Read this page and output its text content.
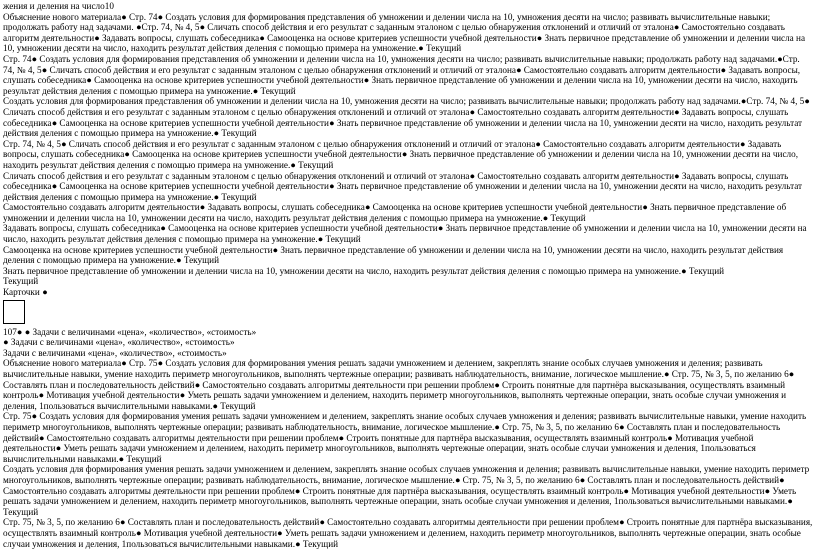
жения и деления на число10

Объяснение нового материала● Стр. 74● Создать условия для формирования представления об умножении и делении числа на 10, умножения десяти на число; развивать вычислительные навыки; продолжать работу над задачами. ●Стр. 74, № 4, 5● Сличать способ действия и его результат с заданным эталоном с целью обнаружения отклонений и отличий от эталона● Самостоятельно создавать алгоритм деятельности● Задавать вопросы, слушать собеседника● Самооценка на основе критериев успешности учебной деятельности● Знать первичное представление об умножении и делении числа на 10, умножении десяти на число, находить результат действия деления с помощью примера на умножение.● Текущий

Стр. 74● Создать условия для формирования представления об умножении и делении числа на 10, умножения десяти на число; развивать вычислительные навыки; продолжать работу над задачами.●Стр. 74, № 4, 5● Сличать способ действия и его результат с заданным эталоном с целью обнаружения отклонений и отличий от эталона● Самостоятельно создавать алгоритм деятельности● Задавать вопросы, слушать собеседника● Самооценка на основе критериев успешности учебной деятельности● Знать первичное представление об умножении и делении числа на 10, умножении десяти на число, находить результат действия деления с помощью примера на умножение.● Текущий

Создать условия для формирования представления об умножении и делении числа на 10, умножения десяти на число; развивать вычислительные навыки; продолжать работу над задачами.●Стр. 74, № 4, 5● Сличать способ действия и его результат с заданным эталоном с целью обнаружения отклонений и отличий от эталона● Самостоятельно создавать алгоритм деятельности● Задавать вопросы, слушать собеседника● Самооценка на основе критериев успешности учебной деятельности● Знать первичное представление об умножении и делении числа на 10, умножении десяти на число, находить результат действия деления с помощью примера на умножение.● Текущий

Стр. 74, № 4, 5● Сличать способ действия и его результат с заданным эталоном с целью обнаружения отклонений и отличий от эталона● Самостоятельно создавать алгоритм деятельности● Задавать вопросы, слушать собеседника● Самооценка на основе критериев успешности учебной деятельности● Знать первичное представление об умножении и делении числа на 10, умножении десяти на число, находить результат действия деления с помощью примера на умножение.● Текущий

Сличать способ действия и его результат с заданным эталоном с целью обнаружения отклонений и отличий от эталона● Самостоятельно создавать алгоритм деятельности● Задавать вопросы, слушать собеседника● Самооценка на основе критериев успешности учебной деятельности● Знать первичное представление об умножении и делении числа на 10, умножении десяти на число, находить результат действия деления с помощью примера на умножение.● Текущий

Самостоятельно создавать алгоритм деятельности● Задавать вопросы, слушать собеседника● Самооценка на основе критериев успешности учебной деятельности● Знать первичное представление об умножении и делении числа на 10, умножении десяти на число, находить результат действия деления с помощью примера на умножение.● Текущий

Задавать вопросы, слушать собеседника● Самооценка на основе критериев успешности учебной деятельности● Знать первичное представление об умножении и делении числа на 10, умножении десяти на число, находить результат действия деления с помощью примера на умножение.● Текущий

Самооценка на основе критериев успешности учебной деятельности● Знать первичное представление об умножении и делении числа на 10, умножении десяти на число, находить результат действия деления с помощью примера на умножение.● Текущий

Знать первичное представление об умножении и делении числа на 10, умножении десяти на число, находить результат действия деления с помощью примера на умножение.● Текущий

Текущий

Карточки ●

107● ● Задачи с величинами «цена», «количество», «стоимость»

● Задачи с величинами «цена», «количество», «стоимость»

Задачи с величинами «цена», «количество», «стоимость»

Объяснение нового материала● Стр. 75● Создать условия для формирования умения решать задачи умножением и делением, закреплять знание особых случаев умножения и деления; развивать вычислительные навыки, умение находить периметр многоугольников, выполнять чертежные операции; развивать наблюдательность, внимание, логическое мышление.● Стр. 75, № 3, 5, по желанию 6● Составлять план и последовательность действий● Самостоятельно создавать алгоритмы деятельности при решении проблем● Строить понятные для партнёра высказывания, осуществлять взаимный контроль● Мотивация учебной деятельности● Уметь решать задачи умножением и делением, находить периметр многоугольников, выполнять чертежные операции, знать особые случаи умножения и деления, 1пользоваться вычислительными навыками.● Текущий

Стр. 75● Создать условия для формирования умения решать задачи умножением и делением, закреплять знание особых случаев умножения и деления; развивать вычислительные навыки, умение находить периметр многоугольников, выполнять чертежные операции; развивать наблюдательность, внимание, логическое мышление.● Стр. 75, № 3, 5, по желанию 6● Составлять план и последовательность действий● Самостоятельно создавать алгоритмы деятельности при решении проблем● Строить понятные для партнёра высказывания, осуществлять взаимный контроль● Мотивация учебной деятельности● Уметь решать задачи умножением и делением, находить периметр многоугольников, выполнять чертежные операции, знать особые случаи умножения и деления, 1пользоваться вычислительными навыками.● Текущий

Создать условия для формирования умения решать задачи умножением и делением, закреплять знание особых случаев умножения и деления; развивать вычислительные навыки, умение находить периметр многоугольников, выполнять чертежные операции; развивать наблюдательность, внимание, логическое мышление.● Стр. 75, № 3, 5, по желанию 6● Составлять план и последовательность действий● Самостоятельно создавать алгоритмы деятельности при решении проблем● Строить понятные для партнёра высказывания, осуществлять взаимный контроль● Мотивация учебной деятельности● Уметь решать задачи умножением и делением, находить периметр многоугольников, выполнять чертежные операции, знать особые случаи умножения и деления, 1пользоваться вычислительными навыками.● Текущий

Стр. 75, № 3, 5, по желанию 6● Составлять план и последовательность действий● Самостоятельно создавать алгоритмы деятельности при решении проблем● Строить понятные для партнёра высказывания, осуществлять взаимный контроль● Мотивация учебной деятельности● Уметь решать задачи умножением и делением, находить периметр многоугольников, выполнять чертежные операции, знать особые случаи умножения и деления, 1пользоваться вычислительными навыками.● Текущий
